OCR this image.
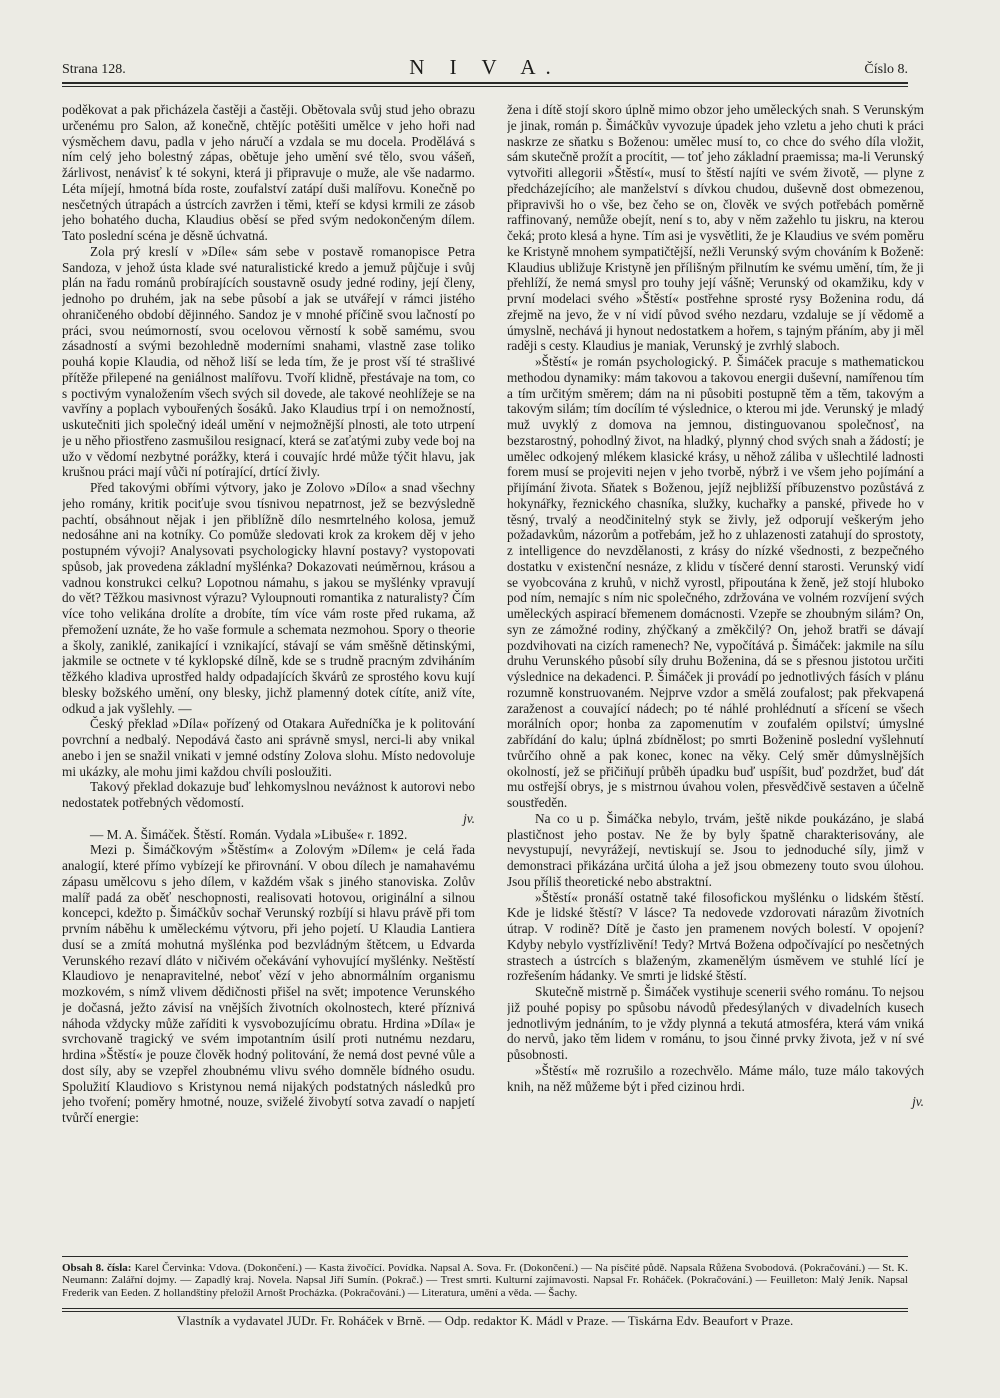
Strana 128.	N I V A.	Číslo 8.

poděkovat a pak přicházela častěji a častěji. Obětovala svůj stud jeho obrazu určenému pro Salon, až konečně, chtějíc potěšiti umělce v jeho hoři nad výsměchem davu, padla v jeho náručí a vzdala se mu docela. Prodělává s ním celý jeho bolestný zápas, obětuje jeho umění své tělo, svou vášeň, žárlivost, nenávisť k té sokyni, která ji připravuje o muže, ale vše nadarmo. Léta míjejí, hmotná bída roste, zoufalství zatápí duši malířovu. Konečně po nesčetných útrapách a ústrcích zavržen i těmi, kteří se kdysi krmili ze zásob jeho bohatého ducha, Klaudius oběsí se před svým nedokončeným dílem. Tato poslední scéna je děsně úchvatná.

Zola prý kreslí v »Díle« sám sebe v postavě romanopisce Petra Sandoza, v jehož ústa klade své naturalistické kredo a jemuž půjčuje i svůj plán na řadu románů probírajících soustavně osudy jedné rodiny, její členy, jednoho po druhém, jak na sebe působí a jak se utvářejí v rámci jistého ohraničeného období dějinného. Sandoz je v mnohé příčině svou lačností po práci, svou neúmorností, svou ocelovou věrností k sobě samému, svou zásadností a svými bezohledně moderními snahami, vlastně zase toliko pouhá kopie Klaudia, od něhož liší se leda tím, že je prost vší té strašlivé přítěže přilepené na geniálnost malířovu. Tvoří klidně, přestávaje na tom, co s poctivým vynaložením všech svých sil dovede, ale takové neohlížeje se na vavříny a poplach vybouřených šosáků. Jako Klaudius trpí i on nemožností, uskutečniti jich společný ideál umění v nejmožnější plnosti, ale toto utrpení je u něho přiostřeno zasmušilou resignací, která se zaťatými zuby vede boj na užo v vědomí nezbytné porážky, která i couvajíc hrdé může týčit hlavu, jak krušnou práci mají vůči ní potírající, drtící živly.

Před takovými obřími výtvory, jako je Zolovo »Dílo« a snad všechny jeho romány, kritik pociťuje svou tísnivou nepatrnost, jež se bezvýsledně pachtí, obsáhnout nějak i jen přiblížně dílo nesmrtelného kolosa, jemuž nedosáhne ani na kotníky. Co pomůže sledovati krok za krokem děj v jeho postupném vývoji? Analysovati psychologicky hlavní postavy? vystopovati spůsob, jak provedena základní myšlénka? Dokazovati neúměrnou, krásou a vadnou konstrukci celku? Lopotnou námahu, s jakou se myšlénky vpravují do vět? Těžkou masivnost výrazu? Vyloupnouti romantika z naturalisty? Čím více toho velikána drolíte a drobíte, tím více vám roste před rukama, až přemožení uznáte, že ho vaše formule a schemata nezmohou. Spory o theorie a školy, zaniklé, zanikající i vznikající, stávají se vám směšně dětinskými, jakmile se octnete v té kyklopské dílně, kde se s trudně pracným zdviháním těžkého kladiva uprostřed haldy odpadajících škvárů ze sprostého kovu kují blesky božského umění, ony blesky, jichž plamenný dotek cítíte, aniž víte, odkud a jak vyšlehly. —

Český překlad »Díla« pořízený od Otakara Auředníčka je k politování povrchní a nedbalý. Nepodává často ani správně smysl, nerci-li aby vnikal anebo i jen se snažil vnikati v jemné odstíny Zolova slohu. Místo nedovoluje mi ukázky, ale mohu jimi každou chvíli posloužiti.

Takový překlad dokazuje buď lehkomyslnou neváżnost k autorovi nebo nedostatek potřebných vědomostí.

jv.

— M. A. Šimáček. Štěstí. Román. Vydala »Libuše« r. 1892.

Mezi p. Šimáčkovým »Štěstím« a Zolovým »Dílem« je celá řada analogií, které přímo vybízejí ke přirovnání. V obou dílech je namahavému zápasu umělcovu s jeho dílem, v každém však s jiného stanoviska. Zolův malíř padá za oběť neschopnosti, realisovati hotovou, originální a silnou koncepci, kdežto p. Šimáčkův sochař Verunský rozbíjí si hlavu právě při tom prvním náběhu k uměleckému výtvoru, při jeho pojetí. U Klaudia Lantiera dusí se a zmítá mohutná myšlénka pod bezvládným štětcem, u Edvarda Verunského rezaví dláto v ničivém očekávání vyhovující myšlénky. Neštěstí Klaudiovo je nenapravitelné, neboť vězí v jeho abnormálním organismu mozkovém, s nímž vlivem dědičnosti přišel na svět; impotence Verunského je dočasná, ježto závisí na vnějších životních okolnostech, které příznivá náhoda vždycky může zaříditi k vysvobozujícímu obratu. Hrdina »Díla« je svrchovaně tragický ve svém impotantním úsilí proti nutnému nezdaru, hrdina »Štěstí« je pouze člověk hodný politování, že nemá dost pevné vůle a dost síly, aby se vzepřel zhoubnému vlivu svého domněle bídného osudu. Spolužití Klaudiovo s Kristynou nemá nijakých podstatných následků pro jeho tvoření; poměry hmotné, nouze, sviželé živobytí sotva zavadí o napjetí tvůrčí energie:

žena i dítě stojí skoro úplně mimo obzor jeho uměleckých snah. S Verunským je jinak, román p. Šimáčkův vyvozuje úpadek jeho vzletu a jeho chuti k práci naskrze ze sňatku s Boženou: umělec musí to, co chce do svého díla vložit, sám skutečně prožít a procítit, — toť jeho základní praemissa; ma-li Verunský vytvořiti allegorii »Štěstí«, musí to štěstí najíti ve svém životě, — plyne z předcházejícího; ale manželství s dívkou chudou, duševně dost obmezenou, připravivši ho o vše, bez čeho se on, člověk ve svých potřebách poměrně raffinovaný, nemůže obejít, není s to, aby v něm zažehlo tu jiskru, na kterou čeká; proto klesá a hyne. Tím asi je vysvětliti, že je Klaudius ve svém poměru ke Kristyně mnohem sympatičtější, nežli Verunský svým chováním k Boženě: Klaudius ubližuje Kristyně jen přílišným přilnutím ke svému umění, tím, že ji přehlíží, že nemá smysl pro touhy její vášně; Verunský od okamžiku, kdy v první modelaci svého »Štěstí« postřehne sprosté rysy Boženina rodu, dá zřejmě na jevo, že v ní vidí původ svého nezdaru, vzdaluje se jí vědomě a úmyslně, nechává ji hynout nedostatkem a hořem, s tajným přáním, aby ji měl raději s cesty. Klaudius je maniak, Verunský je zvrhlý slaboch.

»Štěstí« je román psychologický. P. Šimáček pracuje s mathematickou methodou dynamiky: mám takovou a takovou energii duševní, namířenou tím a tím určitým směrem; dám na ni působiti postupně těm a těm, takovým a takovým silám; tím docílím té výslednice, o kterou mi jde. Verunský je mladý muž uvyklý z domova na jemnou, distinguovanou společnosť, na bezstarostný, pohodlný život, na hladký, plynný chod svých snah a žádostí; je umělec odkojený mlékem klasické krásy, u něhož záliba v ušlechtilé ladnosti forem musí se projeviti nejen v jeho tvorbě, nýbrž i ve všem jeho pojímání a přijímání života. Sňatek s Boženou, jejíž nejbližší příbuzenstvo pozůstává z hokynářky, řeznického chasníka, služky, kuchařky a panské, přivede ho v těsný, trvalý a neodčinitelný styk se živly, jež odporují veškerým jeho požadavkům, názorům a potřebám, jež ho z uhlazenosti zatahují do sprostoty, z intelligence do nevzdělanosti, z krásy do nízké všednosti, z bezpečného dostatku v existenční nesnáze, z klidu v tísčeré denní starosti. Verunský vidí se vyobcována z kruhů, v nichž vyrostl, připoutána k ženě, jež stojí hluboko pod ním, nemajíc s ním nic společného, zdržována ve volném rozvíjení svých uměleckých aspirací břemenem domácnosti. Vzepře se zhoubným silám? On, syn ze zámožné rodiny, zhýčkaný a změkčilý? On, jehož bratři se dávají pozdvihovati na cizích ramenech? Ne, vypočítává p. Šimáček: jakmile na sílu druhu Verunského působí síly druhu Boženina, dá se s přesnou jistotou určiti výslednice na dekadenci. P. Šimáček ji provádí po jednotlivých fásích v plánu rozumně konstruovaném. Nejprve vzdor a smělá zoufalost; pak překvapená zaraženost a couvající nádech; po té náhlé prohlédnutí a sřícení se všech morálních opor; honba za zapomenutím v zoufalém opilství; úmyslné zabřídání do kalu; úplná zbídnělost; po smrti Boženině poslední vyšlehnutí tvůrčího ohně a pak konec, konec na věky. Celý směr důmyslnějších okolností, jež se přičiňují průběh úpadku buď uspíšit, buď pozdržet, buď dát mu ostřejší obrys, je s mistrnou úvahou volen, přesvědčivě sestaven a účelně soustředěn.

Na co u p. Šimáčka nebylo, trvám, ještě nikde poukázáno, je slabá plastičnost jeho postav. Ne že by byly špatně charakterisovány, ale nevystupují, nevyrážejí, nevtiskují se. Jsou to jednoduché síly, jimž v demonstraci přikázána určitá úloha a jež jsou obmezeny touto svou úlohou. Jsou příliš theoretické nebo abstraktní.

»Štěstí« pronáší ostatně také filosofickou myšlénku o lidském štěstí. Kde je lidské štěstí? V lásce? Ta nedovede vzdorovati nárazům životních útrap. V rodině? Dítě je často jen pramenem nových bolestí. V opojení? Kdyby nebylo vystřízlivění! Tedy? Mrtvá Božena odpočívající po nesčetných strastech a ústrcích s blaženým, zkamenělým úsměvem ve stuhlé lící je rozřešením hádanky. Ve smrti je lidské štěstí.

Skutečně mistrně p. Šimáček vystihuje scenerii svého románu. To nejsou již pouhé popisy po spůsobu návodů předesýlaných v divadelních kusech jednotlivým jednáním, to je vždy plynná a tekutá atmosféra, která vám vniká do nervů, jako těm lidem v románu, to jsou činné prvky života, jež v ní své působnosti.

»Štěstí« mě rozrušilo a rozechvělo. Máme málo, tuze málo takových knih, na něž můžeme být i před cizinou hrdi.

jv.

Obsah 8. čísla: Karel Červinka: Vdova. (Dokončení.) — Kasta živočící. Povídka. Napsal A. Sova. Fr. (Dokončení.) — Na písčité půdě. Napsala Růžena Svobodová. (Pokračování.) — St. K. Neumann: Zalářní dojmy. — Zapadlý kraj. Novela. Napsal Jiří Sumín. (Pokrač.) — Trest smrti. Kulturní zajímavosti. Napsal Fr. Roháček. (Pokračování.) — Feuilleton: Malý Jeník. Napsal Frederik van Eeden. Z hollandštiny přeložil Arnošt Procházka. (Pokračování.) — Literatura, umění a věda. — Šachy.
Vlastník a vydavatel JUDr. Fr. Roháček v Brně. — Odp. redaktor K. Mádl v Praze. — Tiskárna Edv. Beaufort v Praze.
